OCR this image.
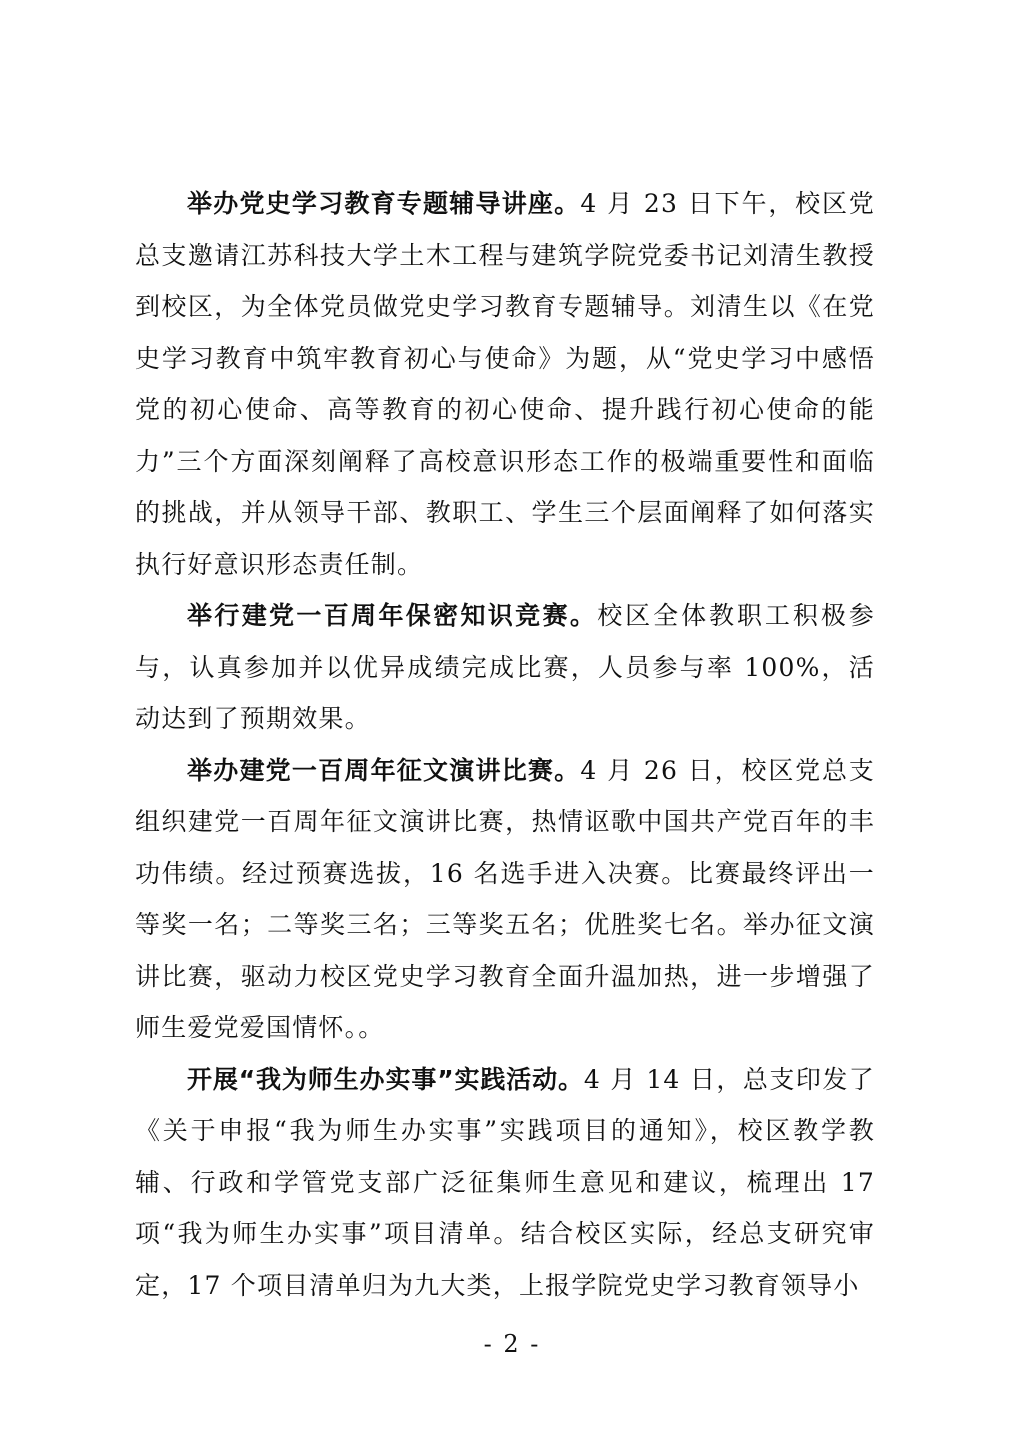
举办党史学习教育专题辅导讲座。4 月 23 日下午，校区党总支邀请江苏科技大学土木工程与建筑学院党委书记刘清生教授到校区，为全体党员做党史学习教育专题辅导。刘清生以《在党史学习教育中筑牢教育初心与使命》为题，从“党史学习中感悟党的初心使命、高等教育的初心使命、提升践行初心使命的能力”三个方面深刻阐释了高校意识形态工作的极端重要性和面临的挑战，并从领导干部、教职工、学生三个层面阐释了如何落实执行好意识形态责任制。

举行建党一百周年保密知识竞赛。校区全体教职工积极参与，认真参加并以优异成绩完成比赛，人员参与率 100%，活动达到了预期效果。

举办建党一百周年征文演讲比赛。4 月 26 日，校区党总支组织建党一百周年征文演讲比赛，热情讴歌中国共产党百年的丰功伟绩。经过预赛选拔，16 名选手进入决赛。比赛最终评出一等奖一名；二等奖三名；三等奖五名；优胜奖七名。举办征文演讲比赛，驱动力校区党史学习教育全面升温加热，进一步增强了师生爱党爱国情怀。。

开展“我为师生办实事”实践活动。4 月 14 日，总支印发了《关于申报“我为师生办实事”实践项目的通知》，校区教学教辅、行政和学管党支部广泛征集师生意见和建议，梳理出 17 项“我为师生办实事”项目清单。结合校区实际，经总支研究审定，17 个项目清单归为九大类，上报学院党史学习教育领导小

- 2 -
